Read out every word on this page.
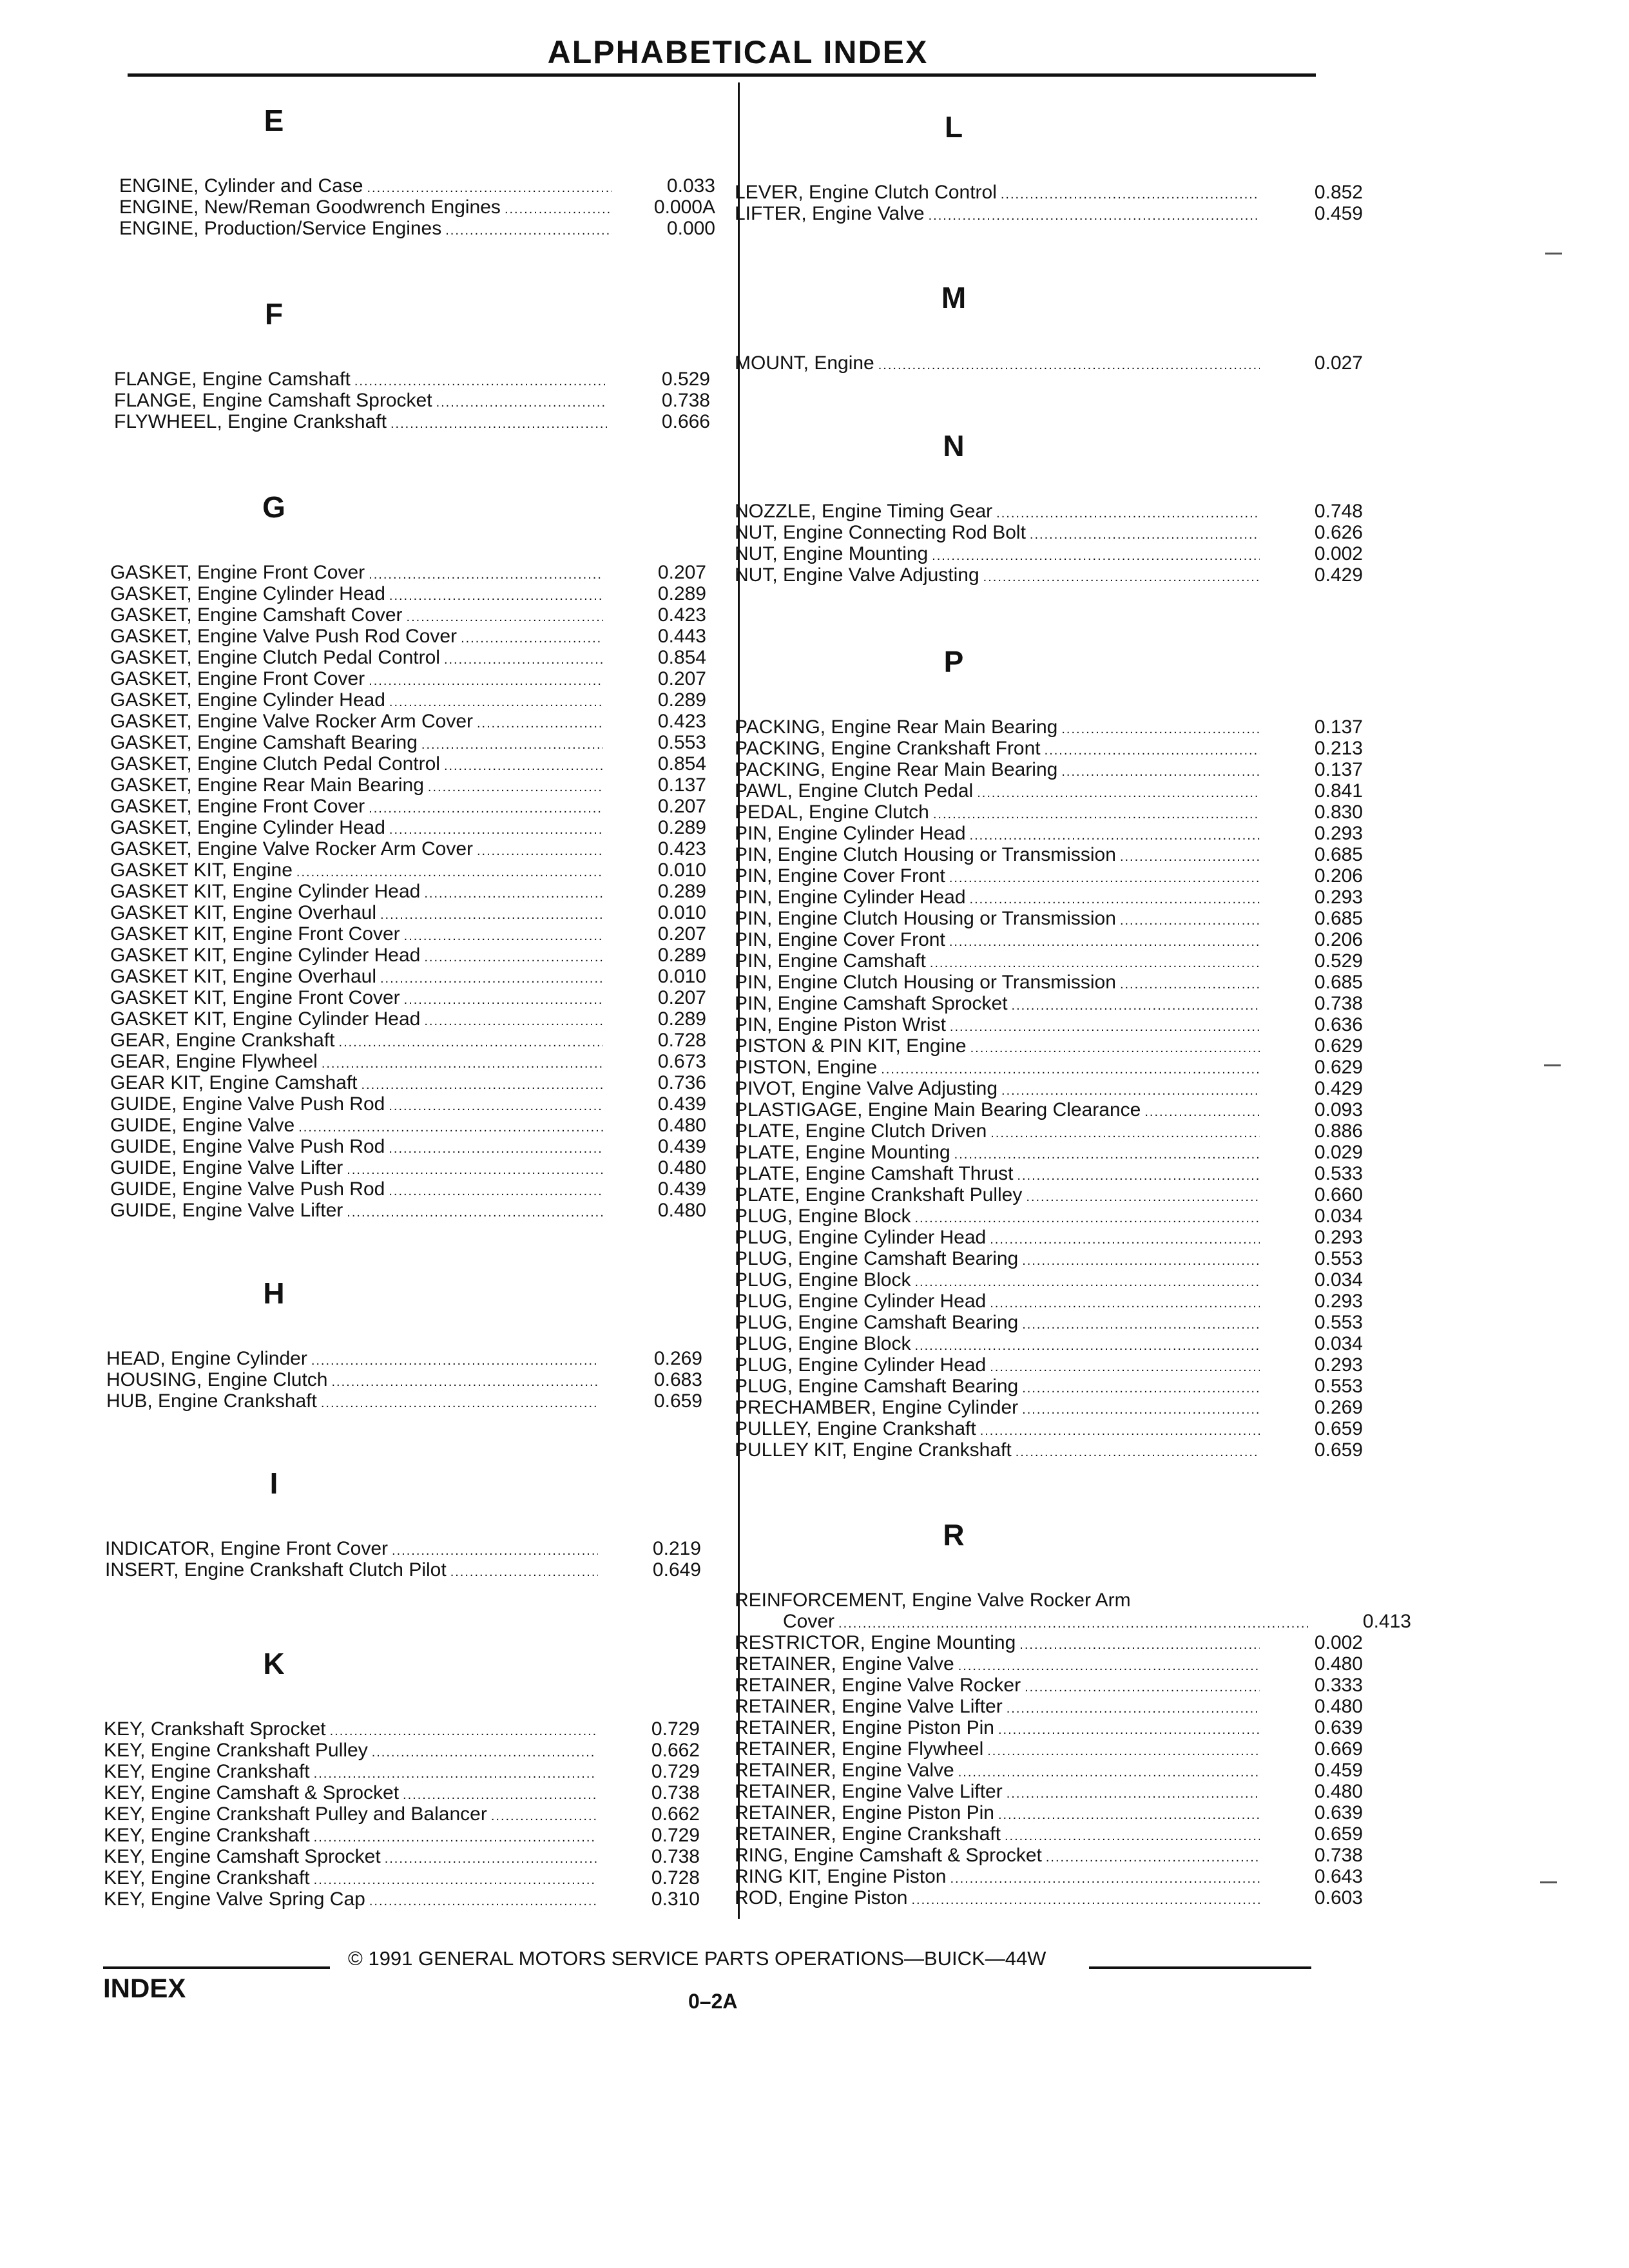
ALPHABETICAL INDEX
E
ENGINE, Cylinder and Case .....	0.033
ENGINE, New/Reman Goodwrench Engines .....	0.000A
ENGINE, Production/Service Engines .....	0.000
F
FLANGE, Engine Camshaft .....	0.529
FLANGE, Engine Camshaft Sprocket .....	0.738
FLYWHEEL, Engine Crankshaft .....	0.666
G
GASKET, Engine Front Cover .....	0.207
GASKET, Engine Cylinder Head .....	0.289
GASKET, Engine Camshaft Cover .....	0.423
GASKET, Engine Valve Push Rod Cover .....	0.443
GASKET, Engine Clutch Pedal Control .....	0.854
GASKET, Engine Front Cover .....	0.207
GASKET, Engine Cylinder Head .....	0.289
GASKET, Engine Valve Rocker Arm Cover .....	0.423
GASKET, Engine Camshaft Bearing .....	0.553
GASKET, Engine Clutch Pedal Control .....	0.854
GASKET, Engine Rear Main Bearing .....	0.137
GASKET, Engine Front Cover .....	0.207
GASKET, Engine Cylinder Head .....	0.289
GASKET, Engine Valve Rocker Arm Cover .....	0.423
GASKET KIT, Engine .....	0.010
GASKET KIT, Engine Cylinder Head .....	0.289
GASKET KIT, Engine Overhaul .....	0.010
GASKET KIT, Engine Front Cover .....	0.207
GASKET KIT, Engine Cylinder Head .....	0.289
GASKET KIT, Engine Overhaul .....	0.010
GASKET KIT, Engine Front Cover .....	0.207
GASKET KIT, Engine Cylinder Head .....	0.289
GEAR, Engine Crankshaft .....	0.728
GEAR, Engine Flywheel .....	0.673
GEAR KIT, Engine Camshaft .....	0.736
GUIDE, Engine Valve Push Rod .....	0.439
GUIDE, Engine Valve .....	0.480
GUIDE, Engine Valve Push Rod .....	0.439
GUIDE, Engine Valve Lifter .....	0.480
GUIDE, Engine Valve Push Rod .....	0.439
GUIDE, Engine Valve Lifter .....	0.480
H
HEAD, Engine Cylinder .....	0.269
HOUSING, Engine Clutch .....	0.683
HUB, Engine Crankshaft .....	0.659
I
INDICATOR, Engine Front Cover .....	0.219
INSERT, Engine Crankshaft Clutch Pilot .....	0.649
K
KEY, Crankshaft Sprocket .....	0.729
KEY, Engine Crankshaft Pulley .....	0.662
KEY, Engine Crankshaft .....	0.729
KEY, Engine Camshaft & Sprocket .....	0.738
KEY, Engine Crankshaft Pulley and Balancer .....	0.662
KEY, Engine Crankshaft .....	0.729
KEY, Engine Camshaft Sprocket .....	0.738
KEY, Engine Crankshaft .....	0.728
KEY, Engine Valve Spring Cap .....	0.310
L
LEVER, Engine Clutch Control .....	0.852
LIFTER, Engine Valve .....	0.459
M
MOUNT, Engine .....	0.027
N
NOZZLE, Engine Timing Gear .....	0.748
NUT, Engine Connecting Rod Bolt .....	0.626
NUT, Engine Mounting .....	0.002
NUT, Engine Valve Adjusting .....	0.429
P
PACKING, Engine Rear Main Bearing .....	0.137
PACKING, Engine Crankshaft Front .....	0.213
PACKING, Engine Rear Main Bearing .....	0.137
PAWL, Engine Clutch Pedal .....	0.841
PEDAL, Engine Clutch .....	0.830
PIN, Engine Cylinder Head .....	0.293
PIN, Engine Clutch Housing or Transmission .....	0.685
PIN, Engine Cover Front .....	0.206
PIN, Engine Cylinder Head .....	0.293
PIN, Engine Clutch Housing or Transmission .....	0.685
PIN, Engine Cover Front .....	0.206
PIN, Engine Camshaft .....	0.529
PIN, Engine Clutch Housing or Transmission .....	0.685
PIN, Engine Camshaft Sprocket .....	0.738
PIN, Engine Piston Wrist .....	0.636
PISTON & PIN KIT, Engine .....	0.629
PISTON, Engine .....	0.629
PIVOT, Engine Valve Adjusting .....	0.429
PLASTIGAGE, Engine Main Bearing Clearance .....	0.093
PLATE, Engine Clutch Driven .....	0.886
PLATE, Engine Mounting .....	0.029
PLATE, Engine Camshaft Thrust .....	0.533
PLATE, Engine Crankshaft Pulley .....	0.660
PLUG, Engine Block .....	0.034
PLUG, Engine Cylinder Head .....	0.293
PLUG, Engine Camshaft Bearing .....	0.553
PLUG, Engine Block .....	0.034
PLUG, Engine Cylinder Head .....	0.293
PLUG, Engine Camshaft Bearing .....	0.553
PLUG, Engine Block .....	0.034
PLUG, Engine Cylinder Head .....	0.293
PLUG, Engine Camshaft Bearing .....	0.553
PRECHAMBER, Engine Cylinder .....	0.269
PULLEY, Engine Crankshaft .....	0.659
PULLEY KIT, Engine Crankshaft .....	0.659
R
REINFORCEMENT, Engine Valve Rocker Arm
Cover .....	0.413
RESTRICTOR, Engine Mounting .....	0.002
RETAINER, Engine Valve .....	0.480
RETAINER, Engine Valve Rocker .....	0.333
RETAINER, Engine Valve Lifter .....	0.480
RETAINER, Engine Piston Pin .....	0.639
RETAINER, Engine Flywheel .....	0.669
RETAINER, Engine Valve .....	0.459
RETAINER, Engine Valve Lifter .....	0.480
RETAINER, Engine Piston Pin .....	0.639
RETAINER, Engine Crankshaft .....	0.659
RING, Engine Camshaft & Sprocket .....	0.738
RING KIT, Engine Piston .....	0.643
ROD, Engine Piston .....	0.603
© 1991 GENERAL MOTORS SERVICE PARTS OPERATIONS—BUICK—44W
INDEX	0–2A
